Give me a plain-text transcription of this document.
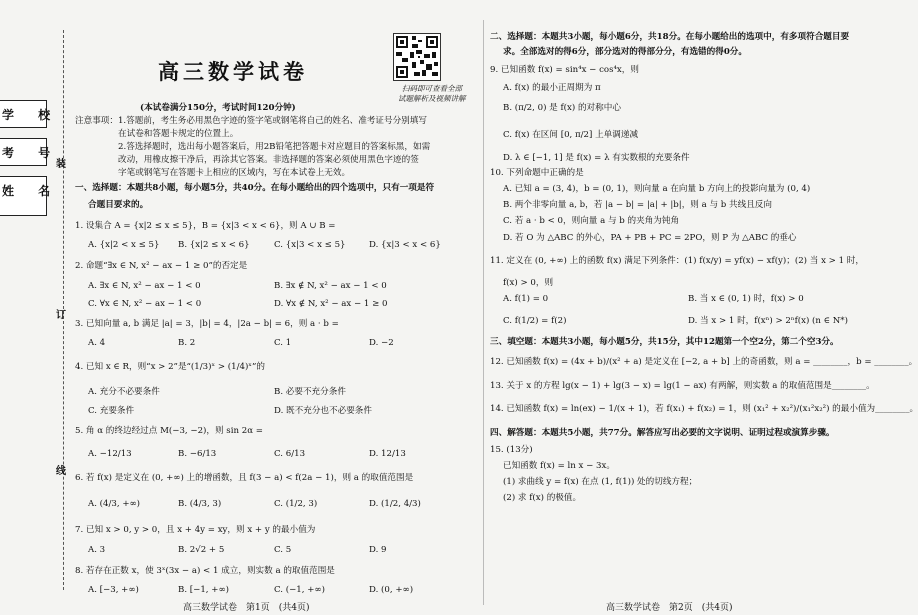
学 校
考 号
姓 名
装
订
线
高三数学试卷
扫码即可查看全部
试题解析及视频讲解
(本试卷满分150分，考试时间120分钟)
注意事项：1.答题前，考生务必用黑色字迹的签字笔或钢笔将自己的姓名、准考证号分别填写
在试卷和答题卡规定的位置上。
2.答选择题时，选出每小题答案后，用2B铅笔把答题卡对应题目的答案标黑，如需
改动，用橡皮擦干净后，再涂其它答案。非选择题的答案必须使用黑色字迹的签
字笔或钢笔写在答题卡上相应的区域内，写在本试卷上无效。
一、选择题：本题共8小题，每小题5分，共40分。在每小题给出的四个选项中，只有一项是符
合题目要求的。
1. 设集合 A = {x|2 ≤ x ≤ 5}，B = {x|3 < x < 6}，则 A ∪ B =
A. {x|2 < x ≤ 5} B. {x|2 ≤ x < 6}	C. {x|3 < x ≤ 5}	D. {x|3 < x < 6}
2. 命题“∃x ∈ N, x² − ax − 1 ≥ 0”的否定是
A. ∃x ∈ N, x² − ax − 1 < 0	B. ∃x ∉ N, x² − ax − 1 < 0
C. ∀x ∈ N, x² − ax − 1 < 0	D. ∀x ∉ N, x² − ax − 1 ≥ 0
3. 已知向量 a, b 满足 |a| = 3，|b| = 4，|2a − b| = 6，则 a · b =
A. 4	B. 2	C. 1	D. −2
4. 已知 x ∈ R，则“x > 2”是“(1/3)ˣ > (1/4)ˣ”的
A. 充分不必要条件	B. 必要不充分条件
C. 充要条件	D. 既不充分也不必要条件
5. 角 α 的终边经过点 M(−3, −2)，则 sin 2α =
A. −12/13	B. −6/13	C. 6/13	D. 12/13
6. 若 f(x) 是定义在 (0, +∞) 上的增函数，且 f(3 − a) < f(2a − 1)，则 a 的取值范围是
A. (4/3, +∞)	B. (4/3, 3)	C. (1/2, 3)	D. (1/2, 4/3)
7. 已知 x > 0, y > 0，且 x + 4y = xy，则 x + y 的最小值为
A. 3	B. 2√2 + 5	C. 5	D. 9
8. 若存在正数 x，使 3ˣ(3x − a) < 1 成立，则实数 a 的取值范围是
A. [−3, +∞)	B. [−1, +∞)	C. (−1, +∞)	D. (0, +∞)
高三数学试卷　第1页　(共4页)
二、选择题：本题共3小题，每小题6分，共18分。在每小题给出的选项中，有多项符合题目要
求。全部选对的得6分，部分选对的得部分分，有选错的得0分。
9. 已知函数 f(x) = sin⁴x − cos⁴x，则
A. f(x) 的最小正周期为 π
B. (π/2, 0) 是 f(x) 的对称中心
C. f(x) 在区间 [0, π/2] 上单调递减
D. λ ∈ [−1, 1] 是 f(x) = λ 有实数根的充要条件
10. 下列命题中正确的是
A. 已知 a = (3, 4)，b = (0, 1)，则向量 a 在向量 b 方向上的投影向量为 (0, 4)
B. 两个非零向量 a, b，若 |a − b| = |a| + |b|，则 a 与 b 共线且反向
C. 若 a · b < 0，则向量 a 与 b 的夹角为钝角
D. 若 O 为 △ABC 的外心，PA + PB + PC = 2PO，则 P 为 △ABC 的垂心
11. 定义在 (0, +∞) 上的函数 f(x) 满足下列条件：(1) f(x/y) = yf(x) − xf(y)；(2) 当 x > 1 时，
f(x) > 0，则
A. f(1) = 0	B. 当 x ∈ (0, 1) 时，f(x) > 0
C. f(1/2) = f(2)	D. 当 x > 1 时，f(xⁿ) > 2ⁿf(x) (n ∈ N*)
三、填空题：本题共3小题，每小题5分，共15分，其中12题第一个空2分，第二个空3分。
12. 已知函数 f(x) = (4x + b)/(x² + a) 是定义在 [−2, a + b] 上的奇函数，则 a = ________，b = ________。
13. 关于 x 的方程 lg(x − 1) + lg(3 − x) = lg(1 − ax) 有两解，则实数 a 的取值范围是________。
14. 已知函数 f(x) = ln(ex) − 1/(x + 1)，若 f(x₁) + f(x₂) = 1，则 (x₁² + x₂²)/(x₁²x₂²) 的最小值为________。
四、解答题：本题共5小题，共77分。解答应写出必要的文字说明、证明过程或演算步骤。
15. (13分)
已知函数 f(x) = ln x − 3x。
(1) 求曲线 y = f(x) 在点 (1, f(1)) 处的切线方程；
(2) 求 f(x) 的极值。
高三数学试卷　第2页　(共4页)
